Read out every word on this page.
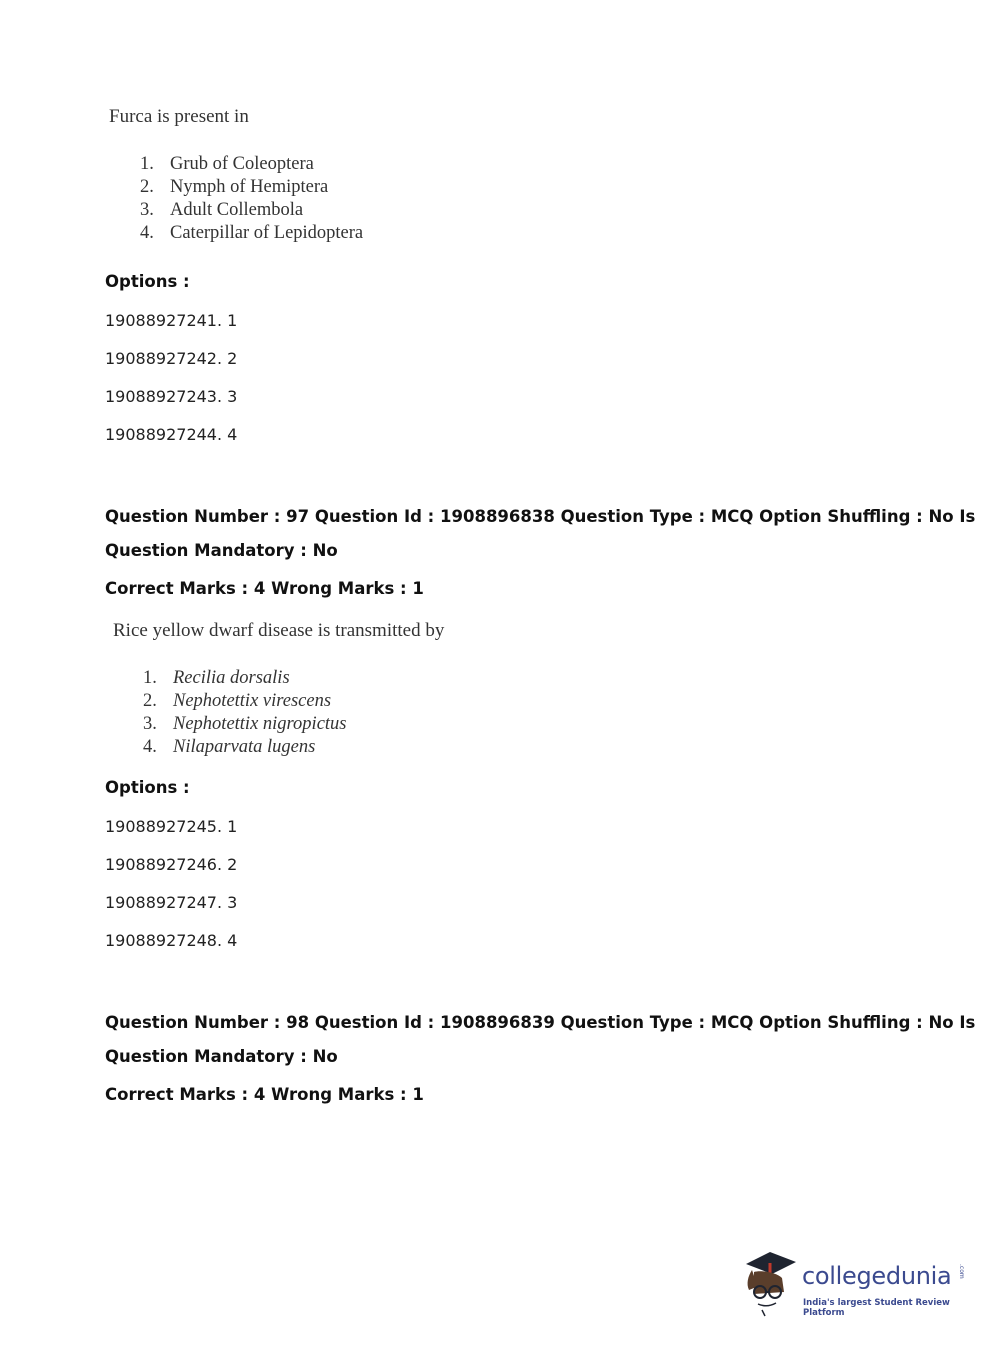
Furca is present in
1. Grub of Coleoptera
2. Nymph of Hemiptera
3. Adult Collembola
4. Caterpillar of Lepidoptera
Options :
19088927241. 1
19088927242. 2
19088927243. 3
19088927244. 4
Question Number : 97 Question Id : 1908896838 Question Type : MCQ Option Shuffling : No Is
Question Mandatory : No
Correct Marks : 4 Wrong Marks : 1
Rice yellow dwarf disease is transmitted by
1. Recilia dorsalis
2. Nephotettix virescens
3. Nephotettix nigropictus
4. Nilaparvata lugens
Options :
19088927245. 1
19088927246. 2
19088927247. 3
19088927248. 4
Question Number : 98 Question Id : 1908896839 Question Type : MCQ Option Shuffling : No Is
Question Mandatory : No
Correct Marks : 4 Wrong Marks : 1
collegedunia .com
India's largest Student Review Platform
